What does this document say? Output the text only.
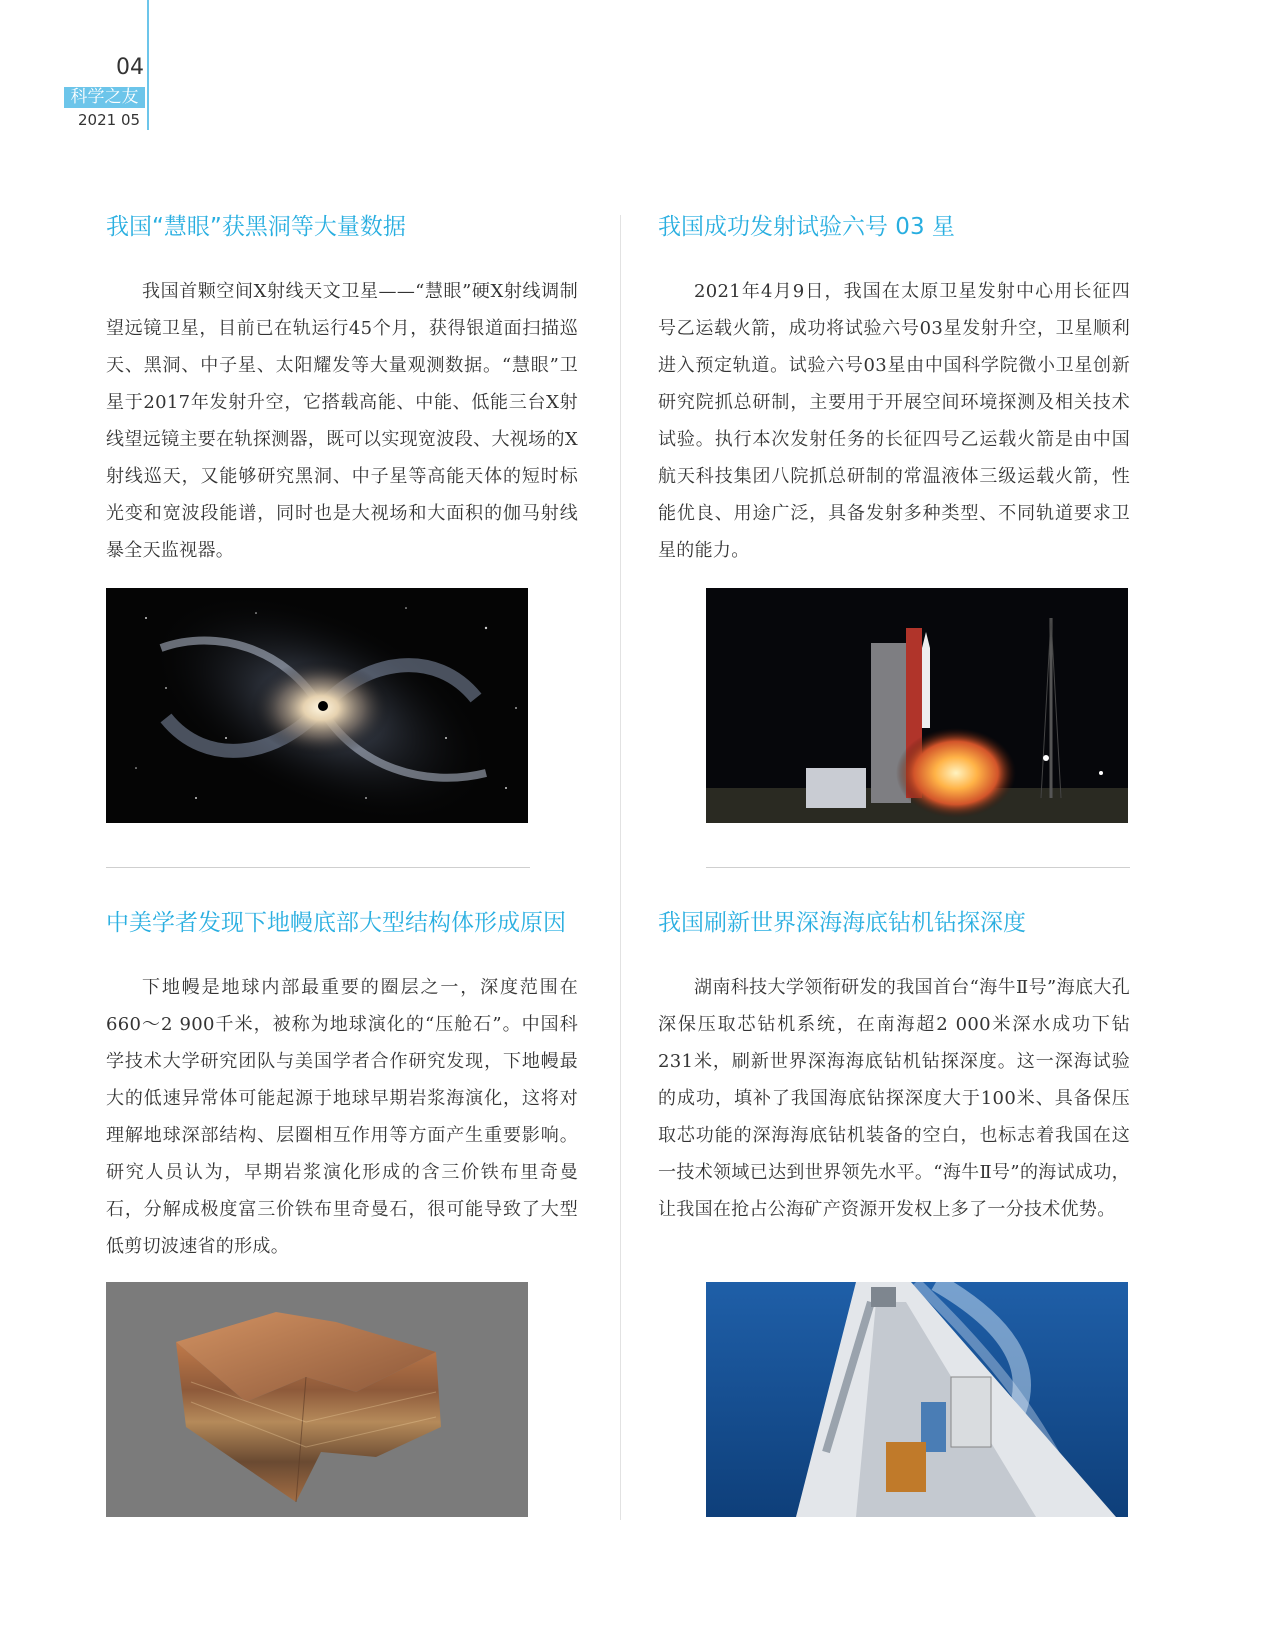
04
科学之友
2021 05
我国“慧眼”获黑洞等大量数据

我国首颗空间X射线天文卫星——“慧眼”硬X射线调制望远镜卫星，目前已在轨运行45个月，获得银道面扫描巡天、黑洞、中子星、太阳耀发等大量观测数据。“慧眼”卫星于2017年发射升空，它搭载高能、中能、低能三台X射线望远镜主要在轨探测器，既可以实现宽波段、大视场的X射线巡天，又能够研究黑洞、中子星等高能天体的短时标光变和宽波段能谱，同时也是大视场和大面积的伽马射线暴全天监视器。

我国成功发射试验六号 03 星

2021年4月9日，我国在太原卫星发射中心用长征四号乙运载火箭，成功将试验六号03星发射升空，卫星顺利进入预定轨道。试验六号03星由中国科学院微小卫星创新研究院抓总研制，主要用于开展空间环境探测及相关技术试验。执行本次发射任务的长征四号乙运载火箭是由中国航天科技集团八院抓总研制的常温液体三级运载火箭，性能优良、用途广泛，具备发射多种类型、不同轨道要求卫星的能力。

中美学者发现下地幔底部大型结构体形成原因

下地幔是地球内部最重要的圈层之一，深度范围在660～2 900千米，被称为地球演化的“压舱石”。中国科学技术大学研究团队与美国学者合作研究发现，下地幔最大的低速异常体可能起源于地球早期岩浆海演化，这将对理解地球深部结构、层圈相互作用等方面产生重要影响。研究人员认为，早期岩浆演化形成的含三价铁布里奇曼石，分解成极度富三价铁布里奇曼石，很可能导致了大型低剪切波速省的形成。

我国刷新世界深海海底钻机钻探深度

湖南科技大学领衔研发的我国首台“海牛Ⅱ号”海底大孔深保压取芯钻机系统，在南海超2 000米深水成功下钻231米，刷新世界深海海底钻机钻探深度。这一深海试验的成功，填补了我国海底钻探深度大于100米、具备保压取芯功能的深海海底钻机装备的空白，也标志着我国在这一技术领域已达到世界领先水平。“海牛Ⅱ号”的海试成功，让我国在抢占公海矿产资源开发权上多了一分技术优势。
